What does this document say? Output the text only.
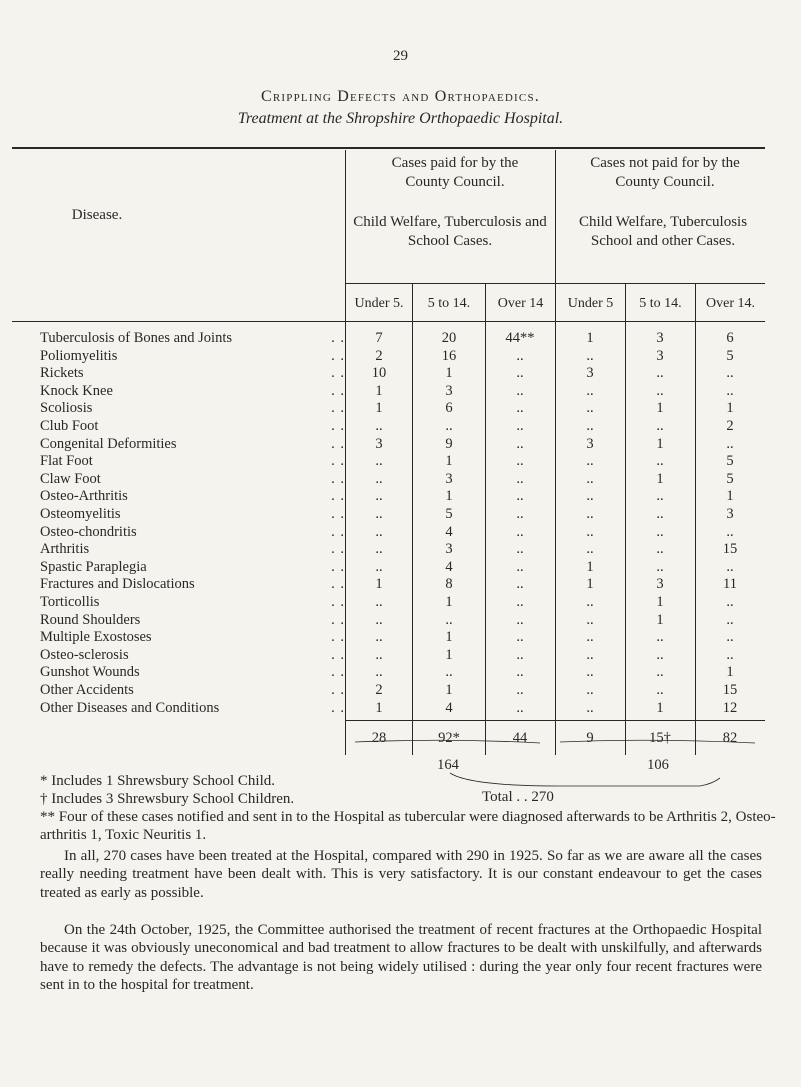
29
Crippling Defects and Orthopaedics.
Treatment at the Shropshire Orthopaedic Hospital.
Disease.
Cases paid for by the County Council.
Child Welfare, Tuberculosis and School Cases.
Cases not paid for by the County Council.
Child Welfare, Tuberculosis School and other Cases.
Under 5.	5 to 14.	Over 14	Under 5	5 to 14.	Over 14.
Tuberculosis of Bones and Joints	. .	7	20	44**	1	3	6
Poliomyelitis	. .	2	16	..	..	3	5
Rickets	. .	10	1	..	3	..	..
Knock Knee	. .	1	3	..	..	..	..
Scoliosis	. .	1	6	..	..	1	1
Club Foot	. .	..	..	..	..	..	2
Congenital Deformities	. .	3	9	..	3	1	..
Flat Foot	. .	..	1	..	..	..	5
Claw Foot	. .	..	3	..	..	1	5
Osteo-Arthritis	. .	..	1	..	..	..	1
Osteomyelitis	. .	..	5	..	..	..	3
Osteo-chondritis	. .	..	4	..	..	..	..
Arthritis	. .	..	3	..	..	..	15
Spastic Paraplegia	. .	..	4	..	1	..	..
Fractures and Dislocations	. .	1	8	..	1	3	11
Torticollis	. .	..	1	..	..	1	..
Round Shoulders	. .	..	..	..	..	1	..
Multiple Exostoses	. .	..	1	..	..	..	..
Osteo-sclerosis	. .	..	1	..	..	..	..
Gunshot Wounds	. .	..	..	..	..	..	1
Other Accidents	. .	2	1	..	..	..	15
Other Diseases and Conditions	. .	1	4	..	..	1	12
28	92*	44	9	15†	82
164	106
Total . . 270
* Includes 1 Shrewsbury School Child.
† Includes 3 Shrewsbury School Children.
** Four of these cases notified and sent in to the Hospital as tubercular were diagnosed afterwards to be Arthritis 2, Osteo-arthritis 1, Toxic Neuritis 1.
In all, 270 cases have been treated at the Hospital, compared with 290 in 1925. So far as we are aware all the cases really needing treatment have been dealt with. This is very satisfactory. It is our constant endeavour to get the cases treated as early as possible.
On the 24th October, 1925, the Committee authorised the treatment of recent fractures at the Orthopaedic Hospital because it was obviously uneconomical and bad treatment to allow fractures to be dealt with unskilfully, and afterwards have to remedy the defects. The advantage is not being widely utilised : during the year only four recent fractures were sent in to the hospital for treatment.
